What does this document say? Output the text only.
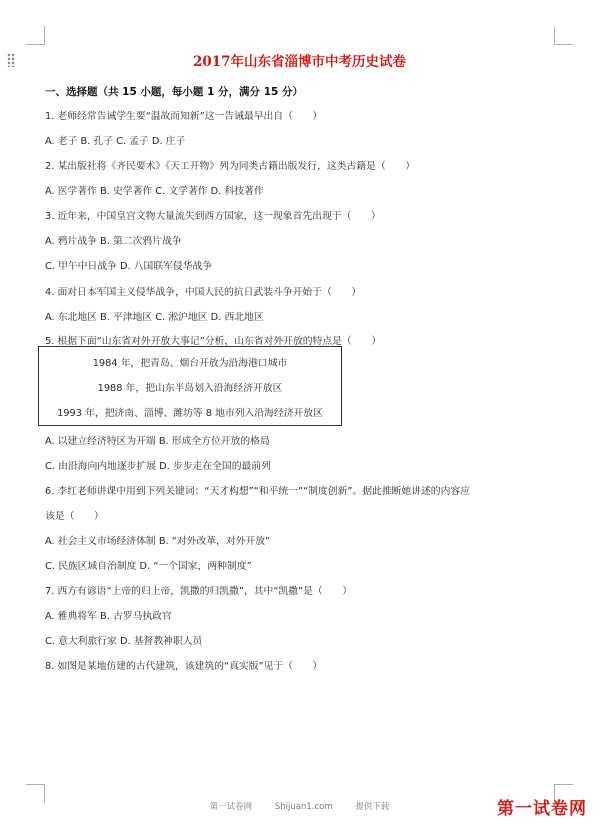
2017年山东省淄博市中考历史试卷
一、选择题（共 15 小题，每小题 1 分，满分 15 分）
1. 老师经常告诫学生要“温故而知新”这一告诫最早出自（　　）
A. 老子 B. 孔子 C. 孟子 D. 庄子
2. 某出版社将《齐民要术》《天工开物》列为同类古籍出版发行，这类古籍是（　　）
A. 医学著作 B. 史学著作 C. 文学著作 D. 科技著作
3. 近年来，中国皇宫文物大量流失到西方国家，这一现象首先出现于（　　）
A. 鸦片战争 B. 第二次鸦片战争
C. 甲午中日战争 D. 八国联军侵华战争
4. 面对日本军国主义侵华战争，中国人民的抗日武装斗争开始于（　　）
A. 东北地区 B. 平津地区 C. 淞沪地区 D. 西北地区
5. 根据下面“山东省对外开放大事记”分析，山东省对外开放的特点是（　　）
1984 年，把青岛、烟台开放为沿海港口城市
1988 年，把山东半岛划入沿海经济开放区
1993 年，把济南、淄博、潍坊等 8 地市列入沿海经济开放区
A. 以建立经济特区为开端 B. 形成全方位开放的格局
C. 由沿海向内地逐步扩展 D. 步步走在全国的最前列
6. 李红老师讲课中用到下列关键词：“天才构想”“和平统一”“制度创新”。据此推断她讲述的内容应
该是（　　）
A. 社会主义市场经济体制 B. “对外改革，对外开放”
C. 民族区域自治制度 D. “一个国家，两种制度”
7. 西方有谚语“上帝的归上帝，凯撒的归凯撒”，其中“凯撒”是（　　）
A. 雅典将军 B. 古罗马执政官
C. 意大利旅行家 D. 基督教神职人员
8. 如图是某地仿建的古代建筑，该建筑的“真实版”见于（　　）
第一试卷网	Shijuan1.com	提供下载	第一试卷网
